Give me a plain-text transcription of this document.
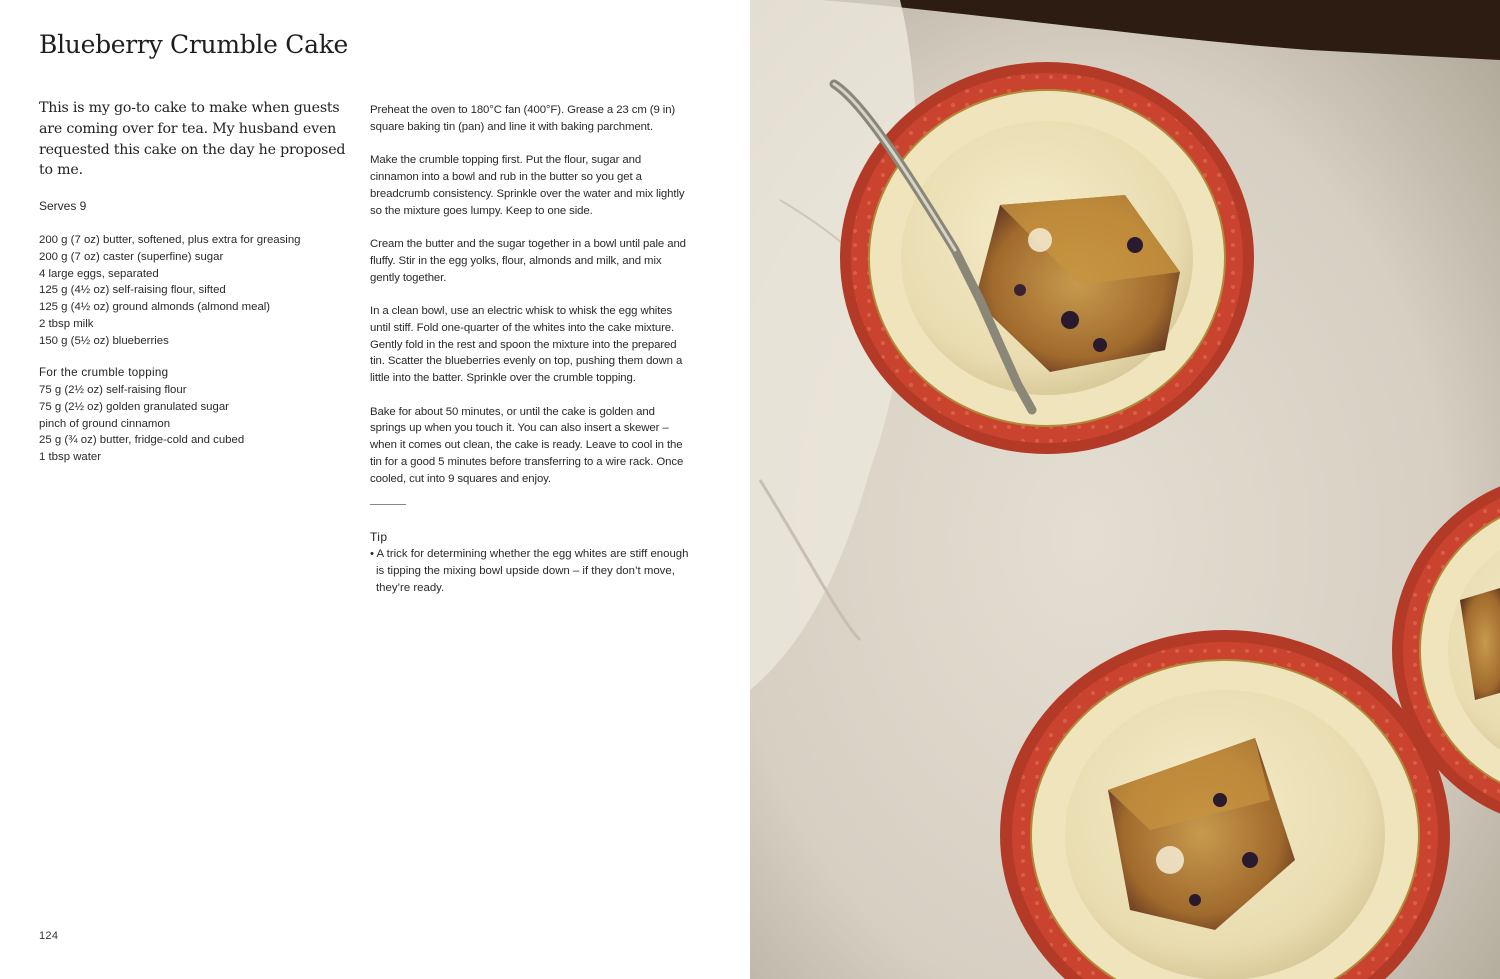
Blueberry Crumble Cake

This is my go-to cake to make when guests are coming over for tea. My husband even requested this cake on the day he proposed to me.

Serves 9

200 g (7 oz) butter, softened, plus extra for greasing
200 g (7 oz) caster (superfine) sugar
4 large eggs, separated
125 g (4½ oz) self-raising flour, sifted
125 g (4½ oz) ground almonds (almond meal)
2 tbsp milk
150 g (5½ oz) blueberries

For the crumble topping

75 g (2½ oz) self-raising flour
75 g (2½ oz) golden granulated sugar
pinch of ground cinnamon
25 g (¾ oz) butter, fridge-cold and cubed
1 tbsp water

Preheat the oven to 180°C fan (400°F). Grease a 23 cm (9 in) square baking tin (pan) and line it with baking parchment.

Make the crumble topping first. Put the flour, sugar and cinnamon into a bowl and rub in the butter so you get a breadcrumb consistency. Sprinkle over the water and mix lightly so the mixture goes lumpy. Keep to one side.

Cream the butter and the sugar together in a bowl until pale and fluffy. Stir in the egg yolks, flour, almonds and milk, and mix gently together.

In a clean bowl, use an electric whisk to whisk the egg whites until stiff. Fold one-quarter of the whites into the cake mixture. Gently fold in the rest and spoon the mixture into the prepared tin. Scatter the blueberries evenly on top, pushing them down a little into the batter. Sprinkle over the crumble topping.

Bake for about 50 minutes, or until the cake is golden and springs up when you touch it. You can also insert a skewer – when it comes out clean, the cake is ready. Leave to cool in the tin for a good 5 minutes before transferring to a wire rack. Once cooled, cut into 9 squares and enjoy.

Tip

• A trick for determining whether the egg whites are stiff enough is tipping the mixing bowl upside down – if they don’t move, they’re ready.

124
